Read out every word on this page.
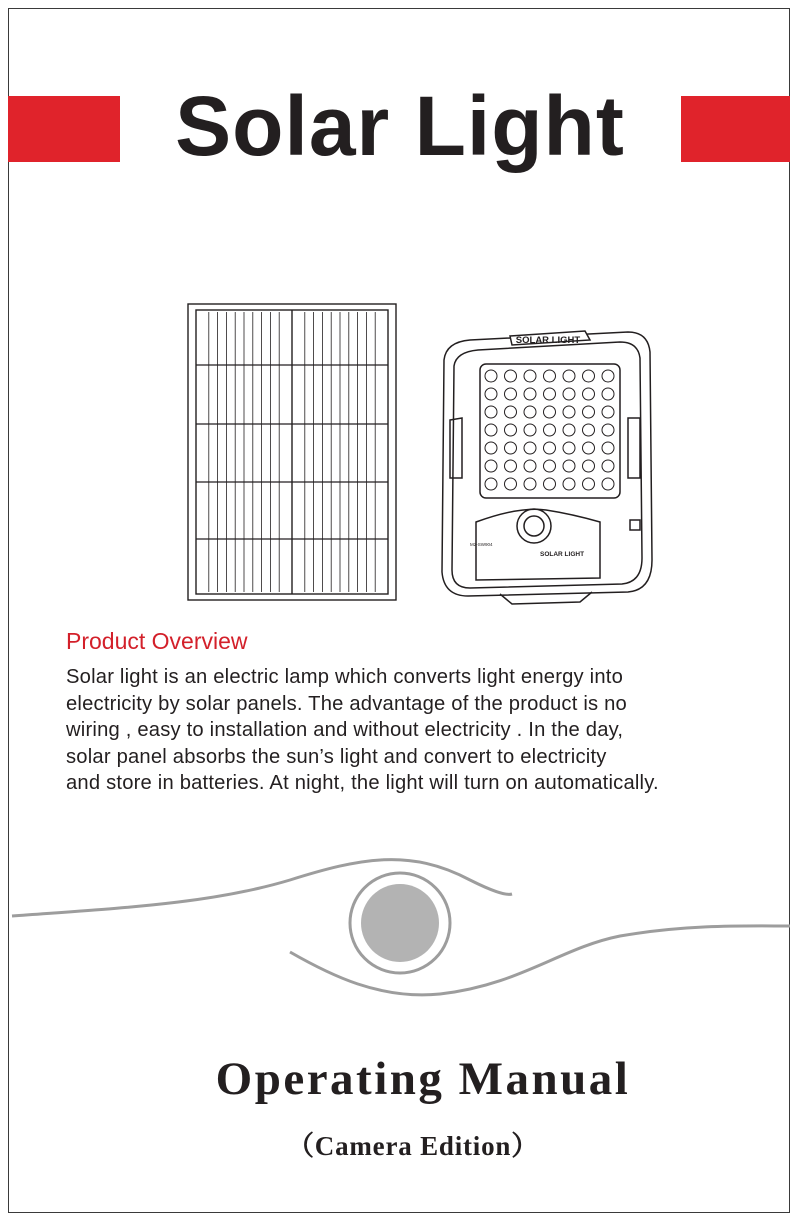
Solar Light
SOLAR LIGHT
SOLAR LIGHT
M2-SW904
Product Overview
Solar light is an electric lamp which converts light energy into
electricity by solar panels. The advantage of the product is no
wiring , easy to installation and without electricity . In the day,
solar panel absorbs the sun’s light and convert to electricity
and store in batteries. At night, the light will turn on automatically.
Operating Manual
（Camera Edition）
